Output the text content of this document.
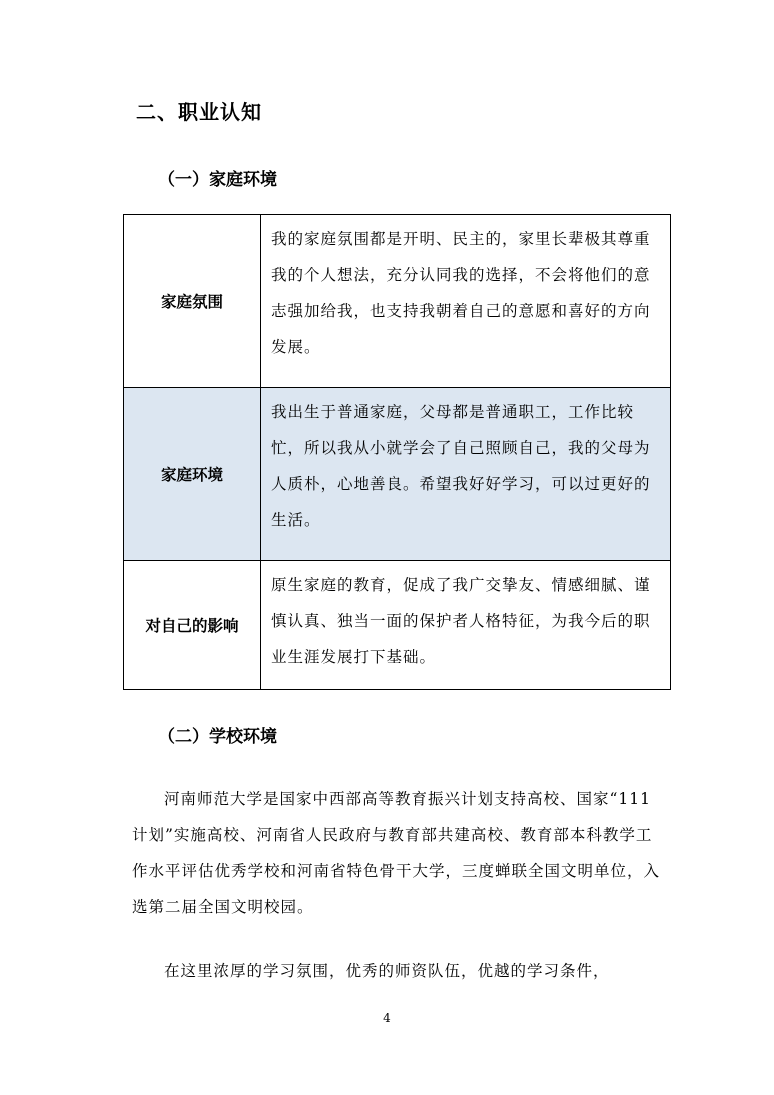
二、职业认知
（一）家庭环境
家庭氛围	我的家庭氛围都是开明、民主的，家里长辈极其尊重我的个人想法，充分认同我的选择，不会将他们的意志强加给我，也支持我朝着自己的意愿和喜好的方向发展。
家庭环境	我出生于普通家庭，父母都是普通职工，工作比较忙，所以我从小就学会了自己照顾自己，我的父母为人质朴，心地善良。希望我好好学习，可以过更好的生活。
对自己的影响	原生家庭的教育，促成了我广交挚友、情感细腻、谨慎认真、独当一面的保护者人格特征，为我今后的职业生涯发展打下基础。
（二）学校环境

河南师范大学是国家中西部高等教育振兴计划支持高校、国家“111 计划”实施高校、河南省人民政府与教育部共建高校、教育部本科教学工作水平评估优秀学校和河南省特色骨干大学，三度蝉联全国文明单位，入选第二届全国文明校园。

在这里浓厚的学习氛围，优秀的师资队伍，优越的学习条件，

4
